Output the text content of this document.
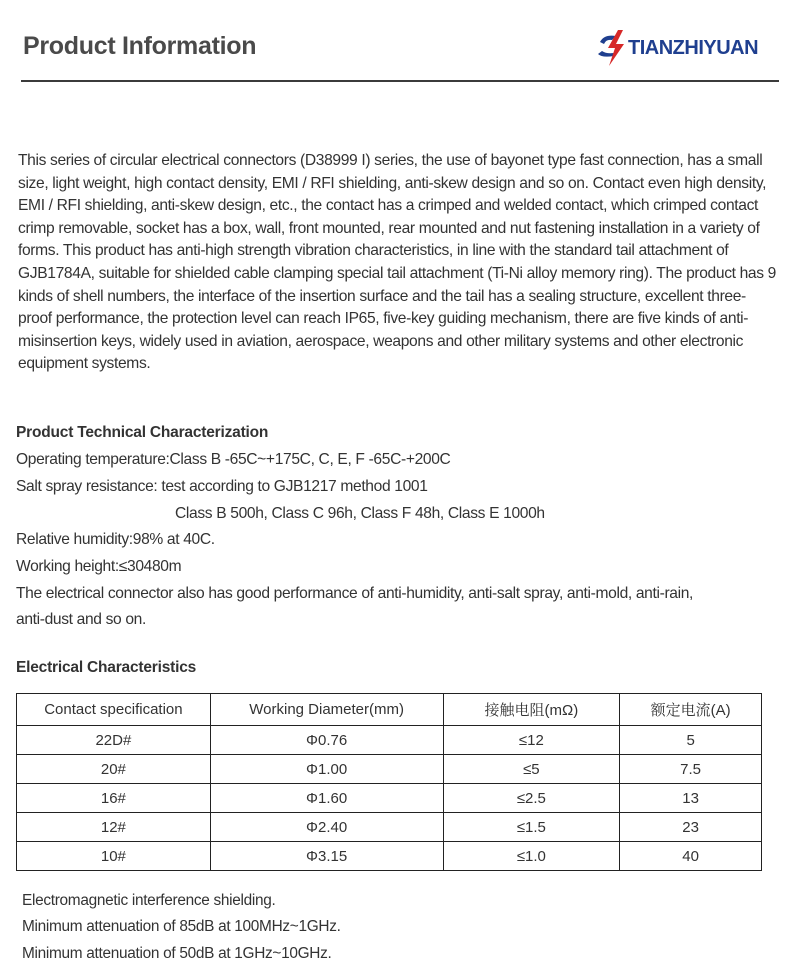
Product Information	TIANZHIYUAN
This series of circular electrical connectors (D38999 I) series, the use of bayonet type fast connection, has a small size, light weight, high contact density, EMI / RFI shielding, anti-skew design and so on. Contact even high density, EMI / RFI shielding, anti-skew design, etc., the contact has a crimped and welded contact, which crimped contact crimp removable, socket has a box, wall, front mounted, rear mounted and nut fastening installation in a variety of forms. This product has anti-high strength vibration characteristics, in line with the standard tail attachment of GJB1784A, suitable for shielded cable clamping special tail attachment (Ti-Ni alloy memory ring). The product has 9 kinds of shell numbers, the interface of the insertion surface and the tail has a sealing structure, excellent three-proof performance, the protection level can reach IP65, five-key guiding mechanism, there are five kinds of anti-misinsertion keys, widely used in aviation, aerospace, weapons and other military systems and other electronic equipment systems.
Product Technical Characterization
Operating temperature:Class B -65C~+175C, C, E, F -65C-+200C
Salt spray resistance: test according to GJB1217 method 1001
Class B 500h, Class C 96h, Class F 48h, Class E 1000h
Relative humidity:98% at 40C.
Working height:≤30480m
The electrical connector also has good performance of anti-humidity, anti-salt spray, anti-mold, anti-rain,
anti-dust and so on.
Electrical Characteristics
Contact specification	Working Diameter(mm)	接触电阻(mΩ)	额定电流(A)
22D#	Φ0.76	≤12	5
20#	Φ1.00	≤5	7.5
16#	Φ1.60	≤2.5	13
12#	Φ2.40	≤1.5	23
10#	Φ3.15	≤1.0	40
Electromagnetic interference shielding.
Minimum attenuation of 85dB at 100MHz~1GHz.
Minimum attenuation of 50dB at 1GHz~10GHz.
